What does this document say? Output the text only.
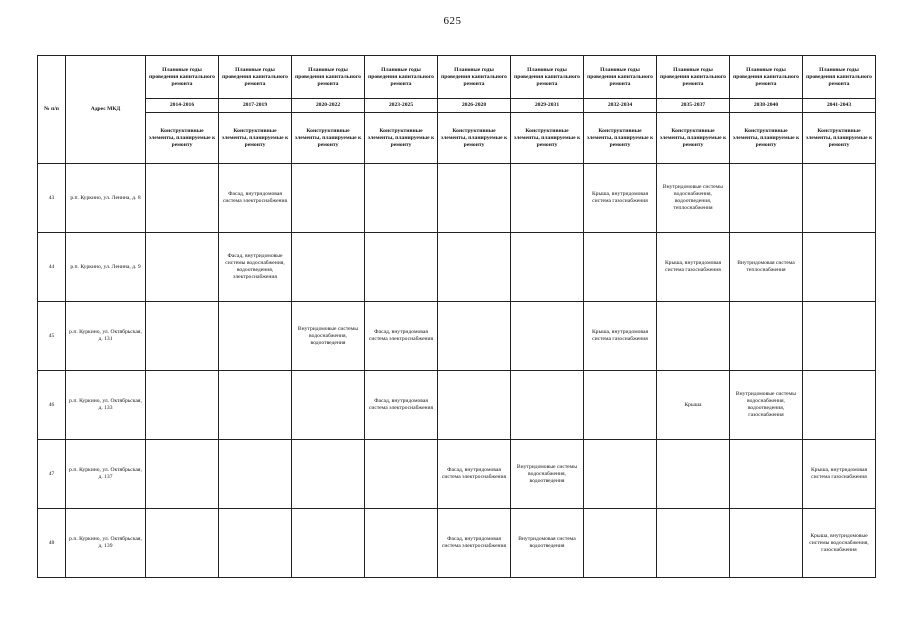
625
№ п/п	Адрес МКД	Плановые годы проведения капитального ремонта	Плановые годы проведения капитального ремонта	Плановые годы проведения капитального ремонта	Плановые годы проведения капитального ремонта	Плановые годы проведения капитального ремонта	Плановые годы проведения капитального ремонта	Плановые годы проведения капитального ремонта	Плановые годы проведения капитального ремонта	Плановые годы проведения капитального ремонта	Плановые годы проведения капитального ремонта
		2014-2016	2017-2019	2020-2022	2023-2025	2026-2028	2029-2031	2032-2034	2035-2037	2038-2040	2041-2043
		Конструктивные элементы, планируемые к ремонту	Конструктивные элементы, планируемые к ремонту	Конструктивные элементы, планируемые к ремонту	Конструктивные элементы, планируемые к ремонту	Конструктивные элементы, планируемые к ремонту	Конструктивные элементы, планируемые к ремонту	Конструктивные элементы, планируемые к ремонту	Конструктивные элементы, планируемые к ремонту	Конструктивные элементы, планируемые к ремонту	Конструктивные элементы, планируемые к ремонту
43	р.п. Куркино, ул. Ленина, д. 8		Фасад, внутридомовая система электроснабжения					Крыша, внутридомовая система газоснабжения	Внутридомовые системы водоснабжения, водоотведения, теплоснабжения		
44	р.п. Куркино, ул. Ленина, д. 9		Фасад, внутридомовые системы водоснабжения, водоотведения, электроснабжения						Крыша, внутридомовая система газоснабжения	Внутридомовая система теплоснабжения	
45	р.п. Куркино, ул. Октябрьская, д. 131			Внутридомовые системы водоснабжения, водоотведения	Фасад, внутридомовая система электроснабжения			Крыша, внутридомовая система газоснабжения			
46	р.п. Куркино, ул. Октябрьская, д. 133				Фасад, внутридомовая система электроснабжения				Крыша	Внутридомовые системы водоснабжения, водоотведения, газоснабжения	
47	р.п. Куркино, ул. Октябрьская, д. 137					Фасад, внутридомовая система электроснабжения	Внутридомовые системы водоснабжения, водоотведения				Крыша, внутридомовая система газоснабжения
48	р.п. Куркино, ул. Октябрьская, д. 139					Фасад, внутридомовая система электроснабжения	Внутридомовая система водоотведения				Крыша, внутридомовые системы водоснабжения, газоснабжения
